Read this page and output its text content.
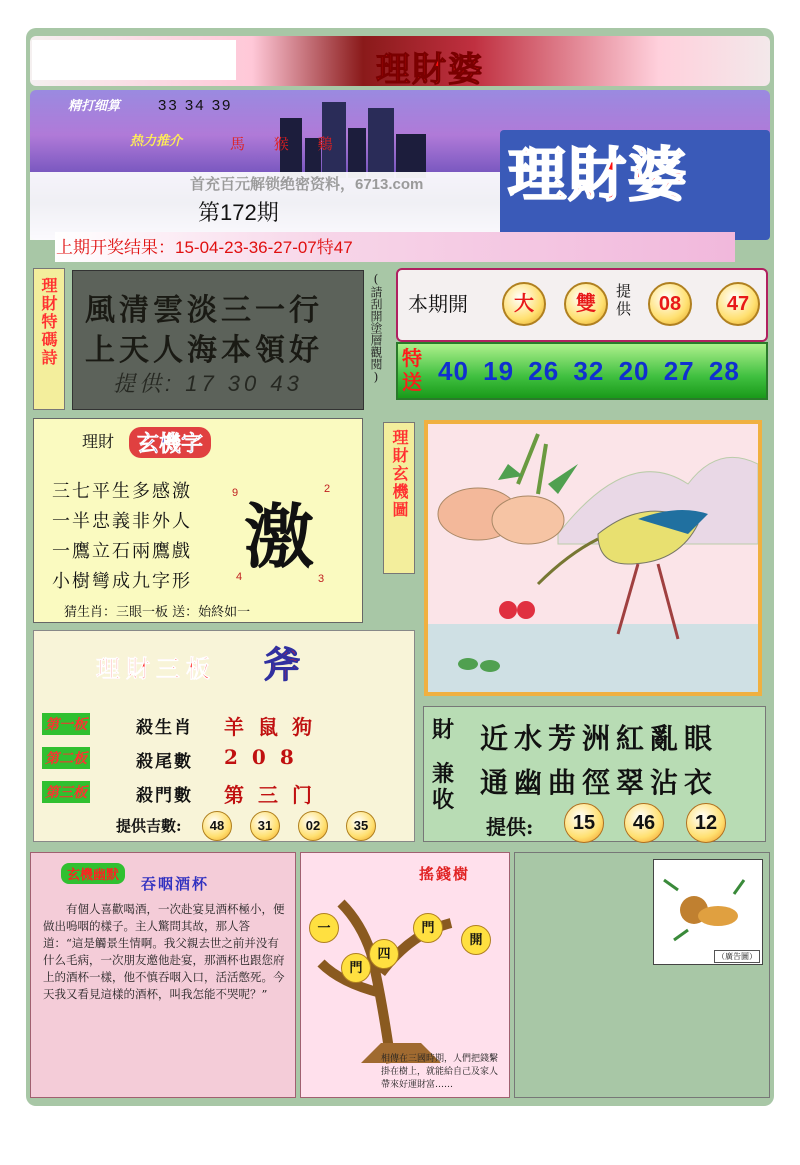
理財婆
理財婆
精打细算	33 34 39
热力推介	馬 猴 鷄
首充百元解锁绝密资料，6713.com
第172期
上期开奖结果：15-04-23-36-27-07特47
理財特碼詩 風清雲淡三一行
上天人海本領好
提供: 17 30 43	(請刮開塗層觀閱) 本期開	大	雙
提供	08	47
特送 40 19 26 32 20 27 28
理財	玄機字
三七平生多感激
一半忠義非外人
一鷹立石兩鷹戲
小樹彎成九字形
激
9	2
4	3
猜生肖：三眼一板 送：始終如一
理財玄機圖
理財三板 斧
第一板	殺生肖 羊鼠狗
第二板	殺尾數 208
第三板	殺門數 第三门
提供吉數:	48	31	02	35
財
兼收
近水芳洲紅亂眼
通幽曲徑翠沾衣
提供:	15	46	12
玄機幽默	吞咽酒杯
有個人喜歡喝酒，一次赴宴見酒杯極小，便做出嗚咽的樣子。主人驚問其故，那人答道：“這是觸景生情啊。我父親去世之前并没有什么毛病，一次朋友邀他赴宴，那酒杯也跟您府上的酒杯一樣，他不慎吞咽入口，活活憋死。今天我又看見這樣的酒杯，叫我怎能不哭呢？”
搖錢樹
一	門
四
門
開
相傳在三國時期，人們把錢繫掛在樹上，就能給自己及家人帶來好運財富……
（廣告圖）
